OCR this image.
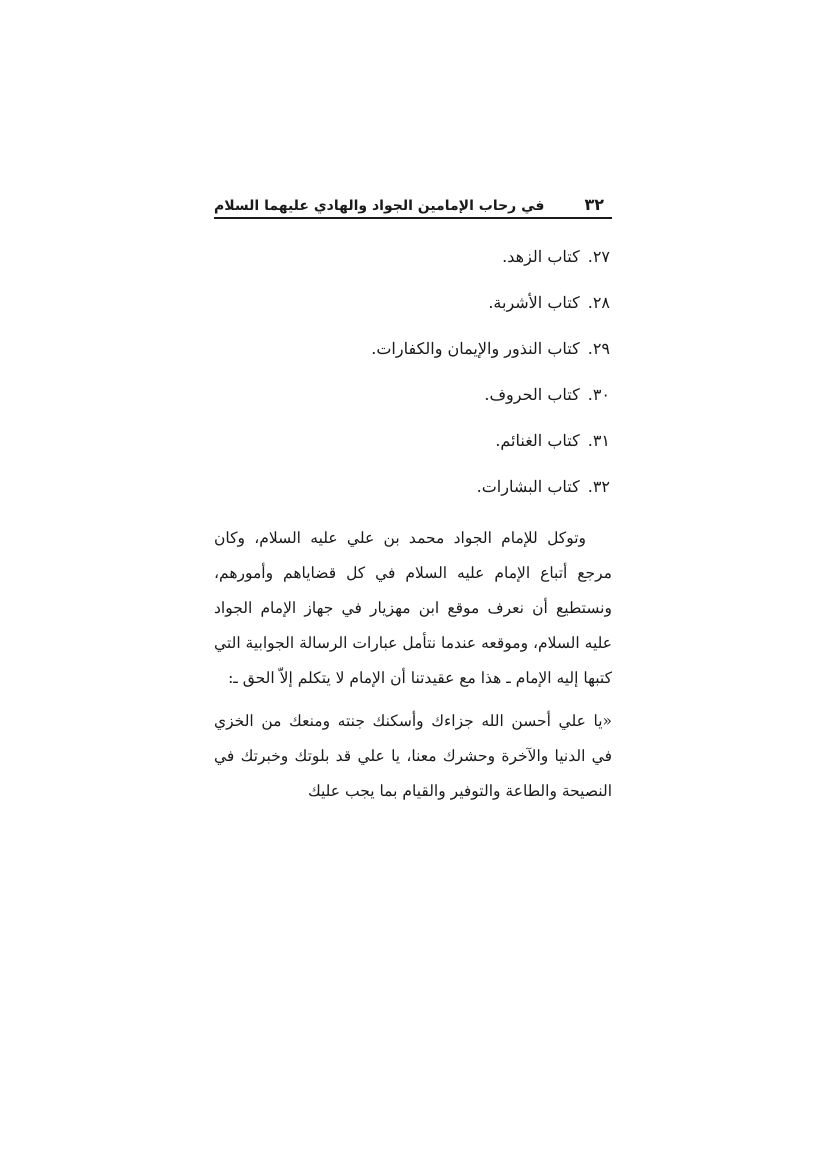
٣٢
في رحاب الإمامين الجواد والهادي عليهما السلام
٢٧.كتاب الزهد.
٢٨.كتاب الأشربة.
٢٩.كتاب النذور والإيمان والكفارات.
٣٠.كتاب الحروف.
٣١.كتاب الغنائم.
٣٢.كتاب البشارات.

وتوكل للإمام الجواد محمد بن علي عليه السلام، وكان مرجع أتباع الإمام عليه السلام في كل قضاياهم وأمورهم، ونستطيع أن نعرف موقع ابن مهزيار في جهاز الإمام الجواد عليه السلام، وموقعه عندما نتأمل عبارات الرسالة الجوابية التي كتبها إليه الإمام ـ هذا مع عقيدتنا أن الإمام لا يتكلم إلاّ الحق ـ:

«يا علي أحسن الله جزاءك وأسكنك جنته ومنعك من الخزي في الدنيا والآخرة وحشرك معنا، يا علي قد بلوتك وخبرتك في النصيحة والطاعة والتوفير والقيام بما يجب عليك
